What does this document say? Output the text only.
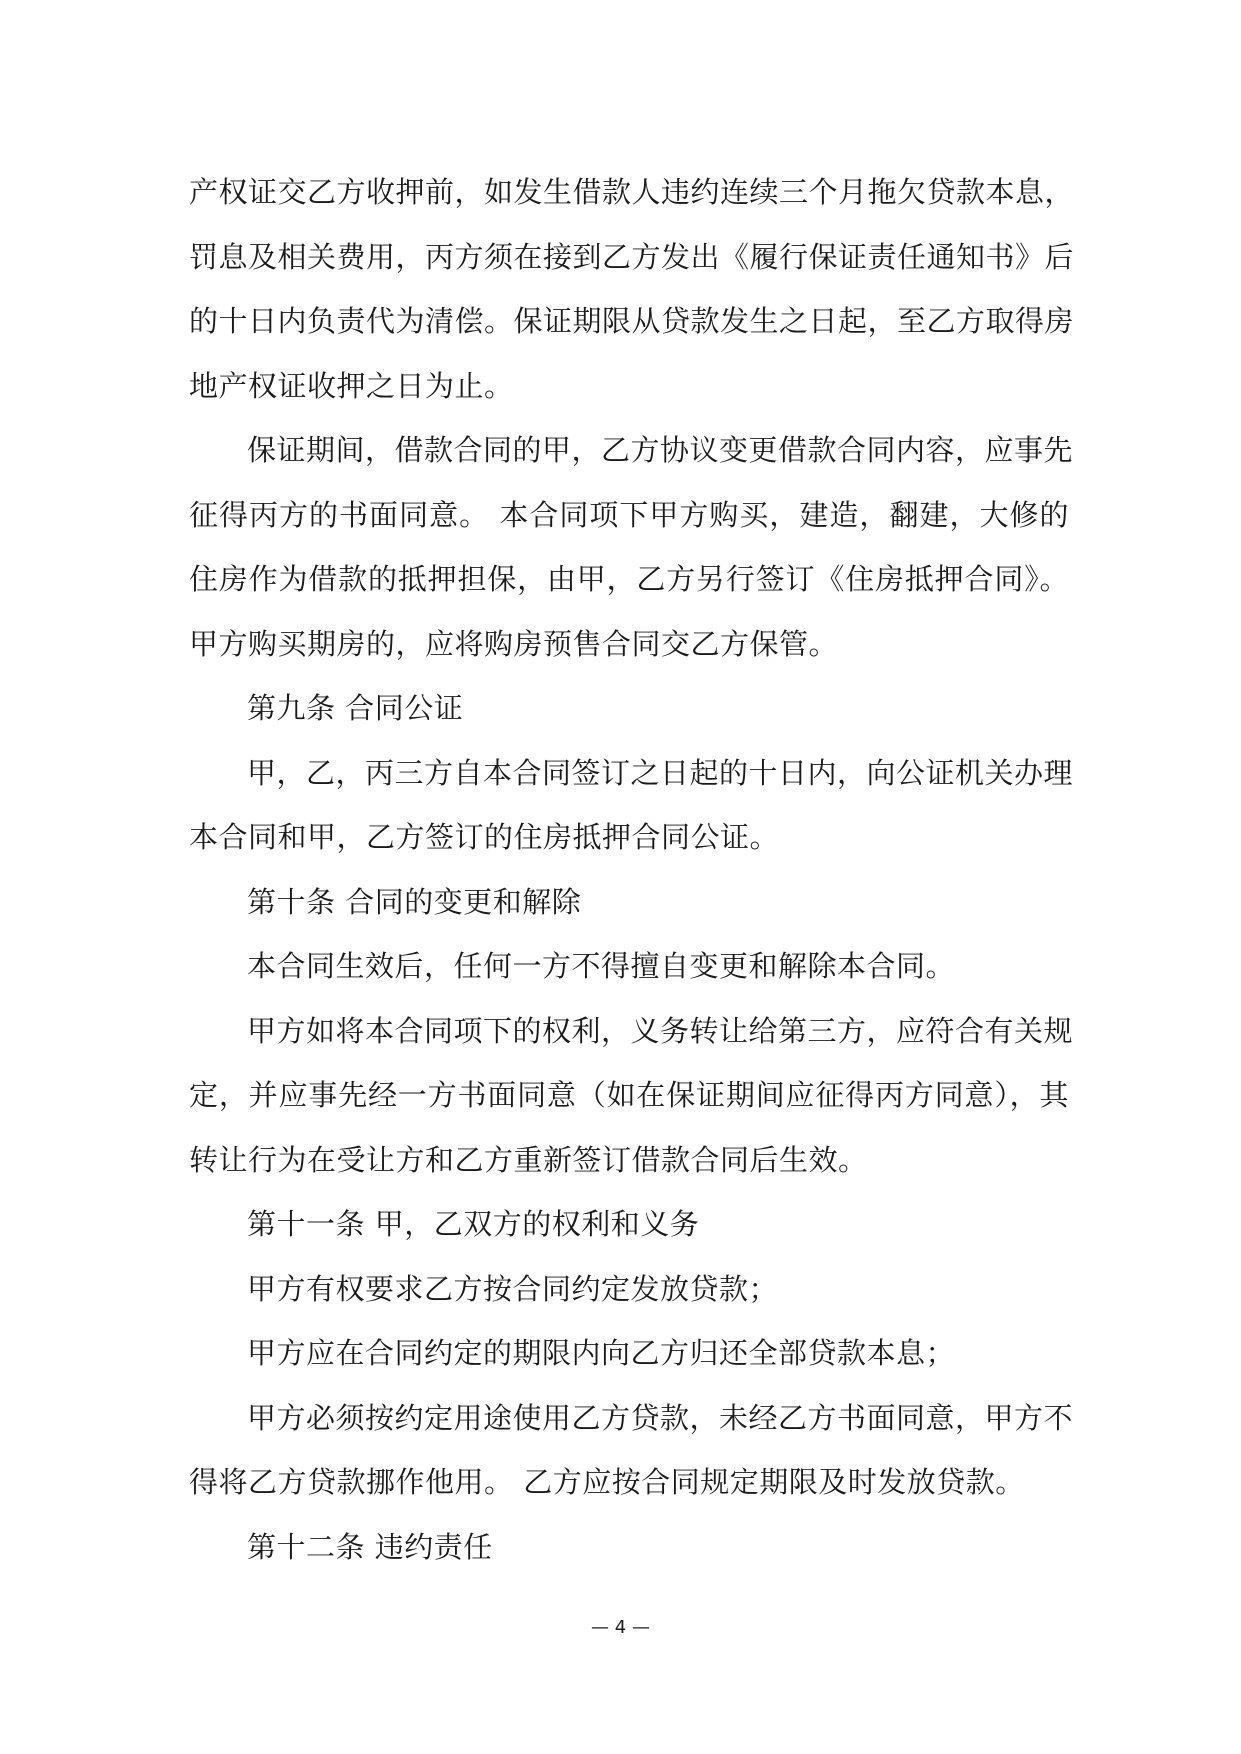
产权证交乙方收押前，如发生借款人违约连续三个月拖欠贷款本息，
罚息及相关费用，丙方须在接到乙方发出《履行保证责任通知书》后
的十日内负责代为清偿。保证期限从贷款发生之日起，至乙方取得房
地产权证收押之日为止。
保证期间，借款合同的甲，乙方协议变更借款合同内容，应事先
征得丙方的书面同意。 本合同项下甲方购买，建造，翻建，大修的
住房作为借款的抵押担保，由甲，乙方另行签订《住房抵押合同》。
甲方购买期房的，应将购房预售合同交乙方保管。
第九条 合同公证
甲，乙，丙三方自本合同签订之日起的十日内，向公证机关办理
本合同和甲，乙方签订的住房抵押合同公证。
第十条 合同的变更和解除
本合同生效后，任何一方不得擅自变更和解除本合同。
甲方如将本合同项下的权利，义务转让给第三方，应符合有关规
定，并应事先经一方书面同意（如在保证期间应征得丙方同意），其
转让行为在受让方和乙方重新签订借款合同后生效。
第十一条 甲，乙双方的权利和义务
甲方有权要求乙方按合同约定发放贷款；
甲方应在合同约定的期限内向乙方归还全部贷款本息；
甲方必须按约定用途使用乙方贷款，未经乙方书面同意，甲方不
得将乙方贷款挪作他用。 乙方应按合同规定期限及时发放贷款。
第十二条 违约责任
— 4 —
